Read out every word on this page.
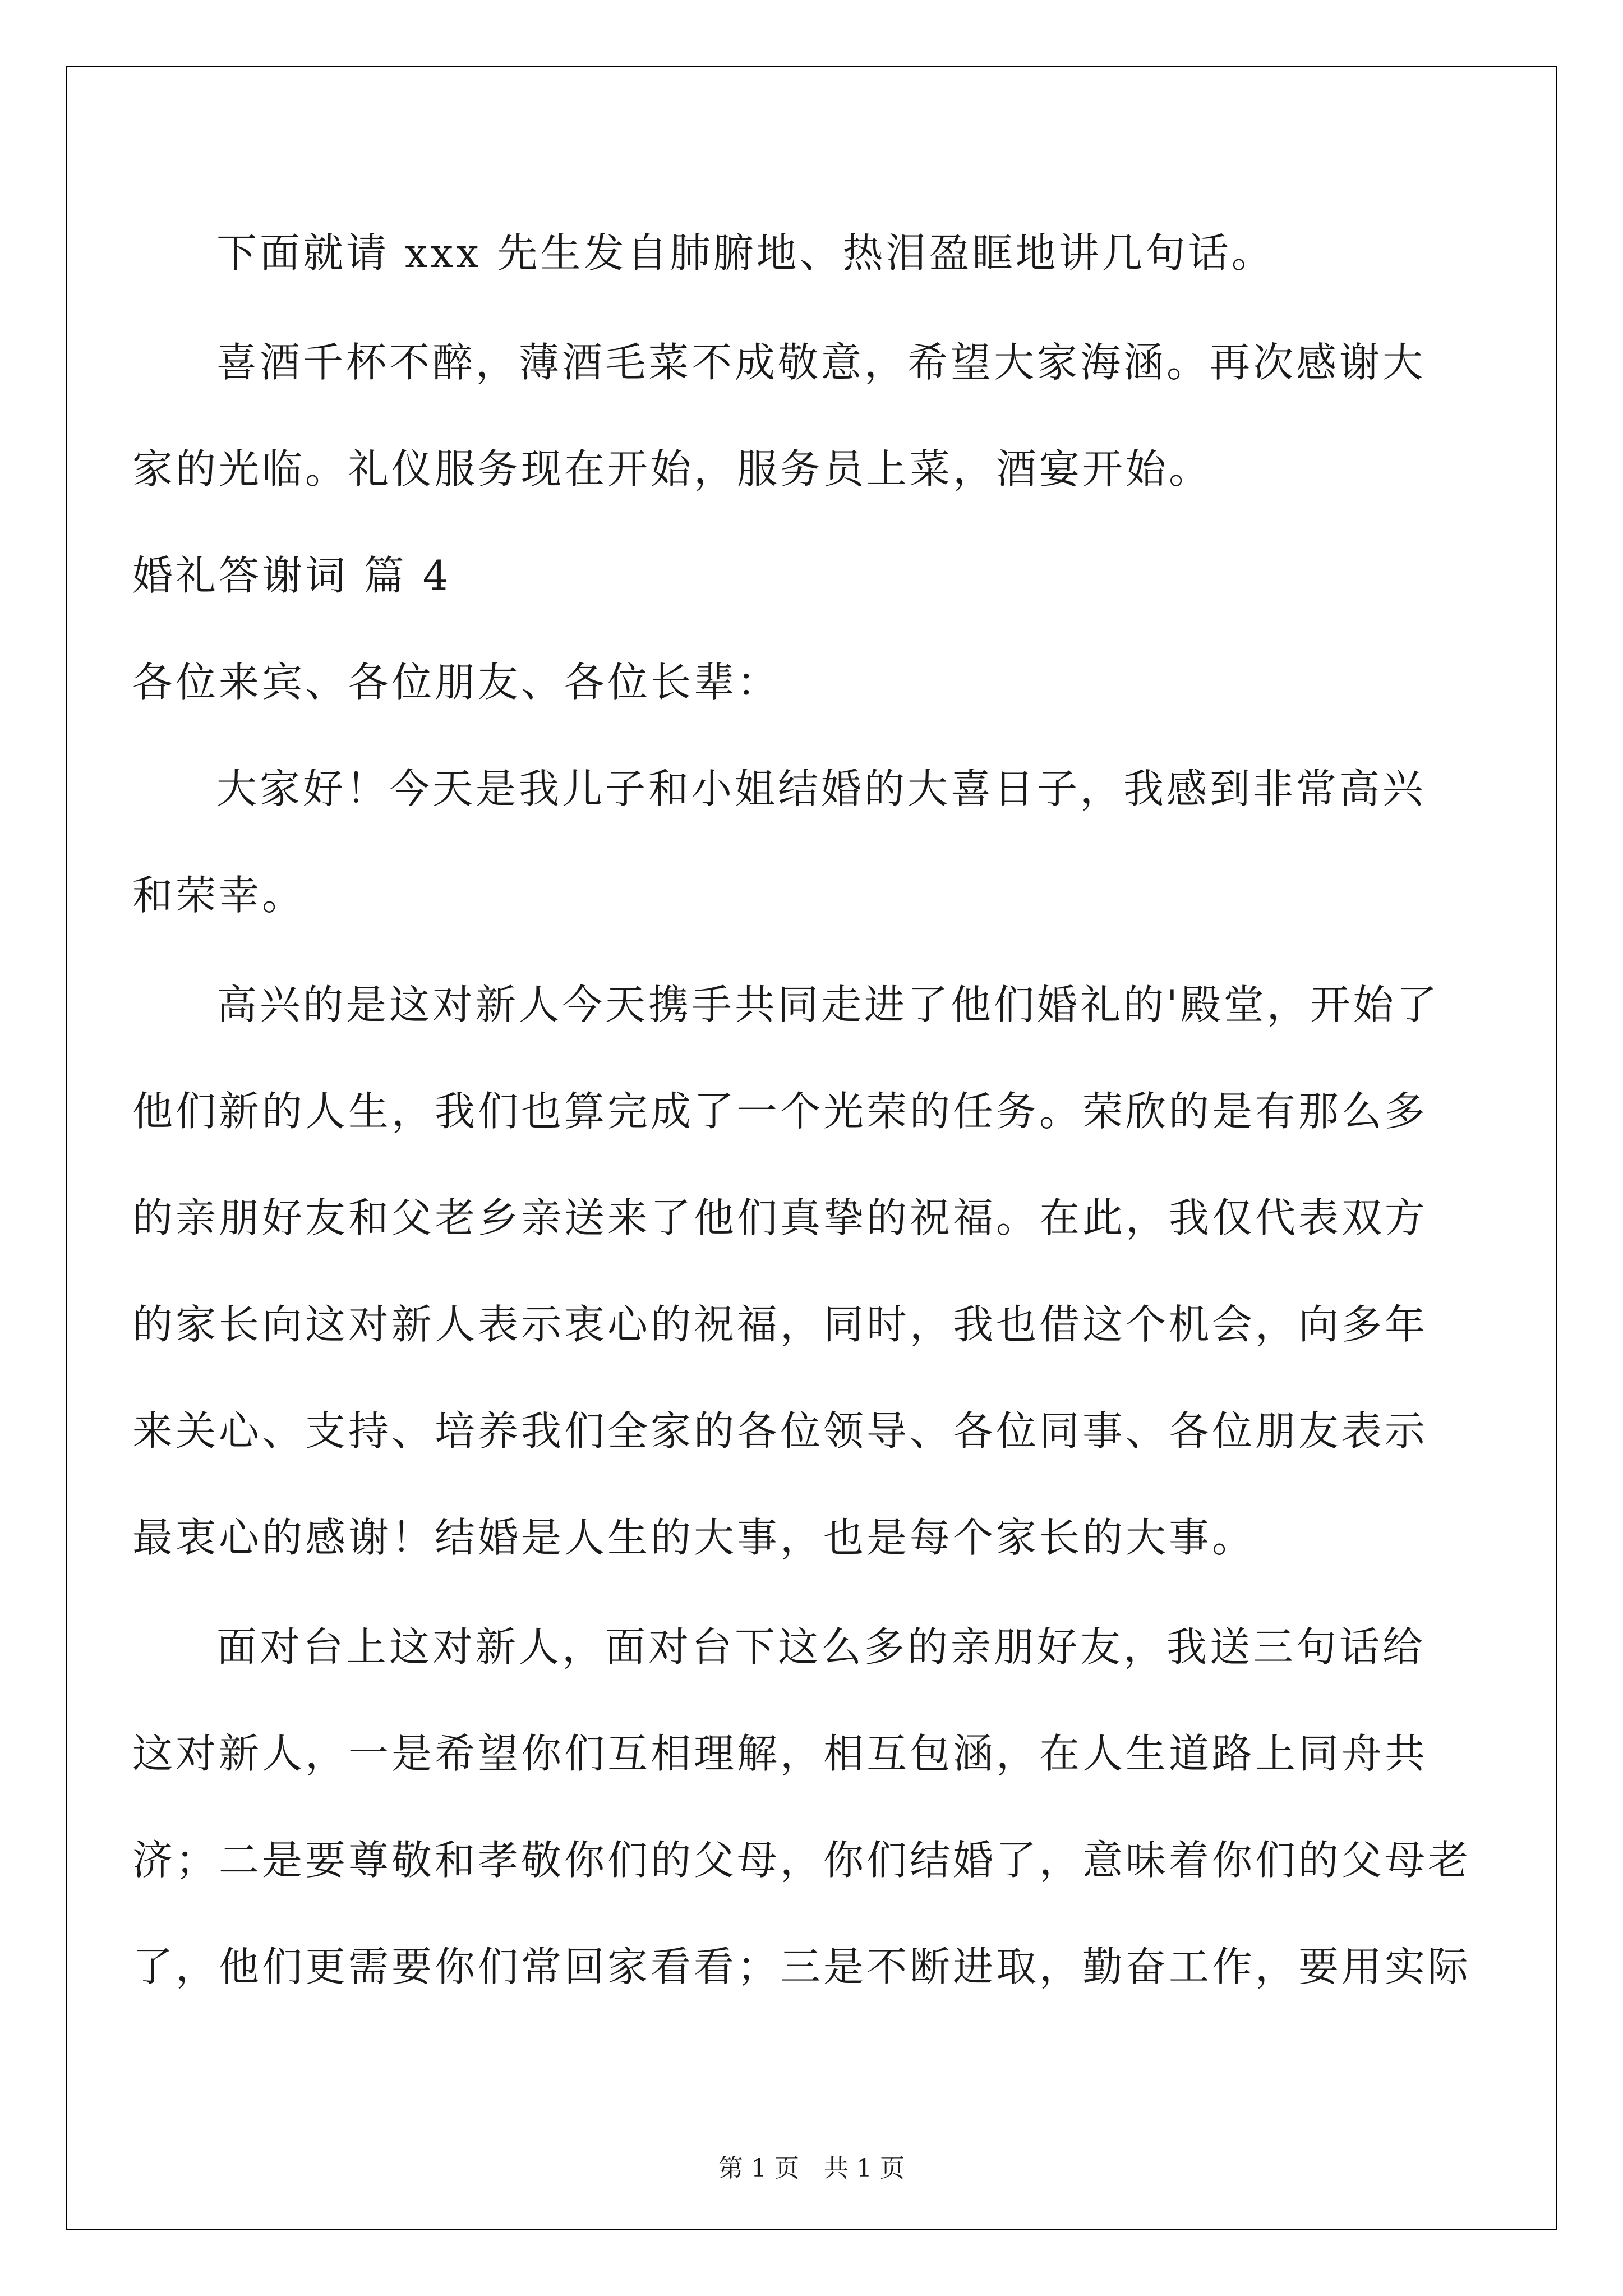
下面就请 xxx 先生发自肺腑地、热泪盈眶地讲几句话。
喜酒千杯不醉，薄酒毛菜不成敬意，希望大家海涵。再次感谢大
家的光临。礼仪服务现在开始，服务员上菜，酒宴开始。
婚礼答谢词 篇 4
各位来宾、各位朋友、各位长辈：
大家好！今天是我儿子和小姐结婚的大喜日子，我感到非常高兴
和荣幸。
高兴的是这对新人今天携手共同走进了他们婚礼的'殿堂，开始了
他们新的人生，我们也算完成了一个光荣的任务。荣欣的是有那么多
的亲朋好友和父老乡亲送来了他们真挚的祝福。在此，我仅代表双方
的家长向这对新人表示衷心的祝福，同时，我也借这个机会，向多年
来关心、支持、培养我们全家的各位领导、各位同事、各位朋友表示
最衷心的感谢！结婚是人生的大事，也是每个家长的大事。
面对台上这对新人，面对台下这么多的亲朋好友，我送三句话给
这对新人，一是希望你们互相理解，相互包涵，在人生道路上同舟共
济；二是要尊敬和孝敬你们的父母，你们结婚了，意味着你们的父母老
了，他们更需要你们常回家看看；三是不断进取，勤奋工作，要用实际
第 1 页　共 1 页
